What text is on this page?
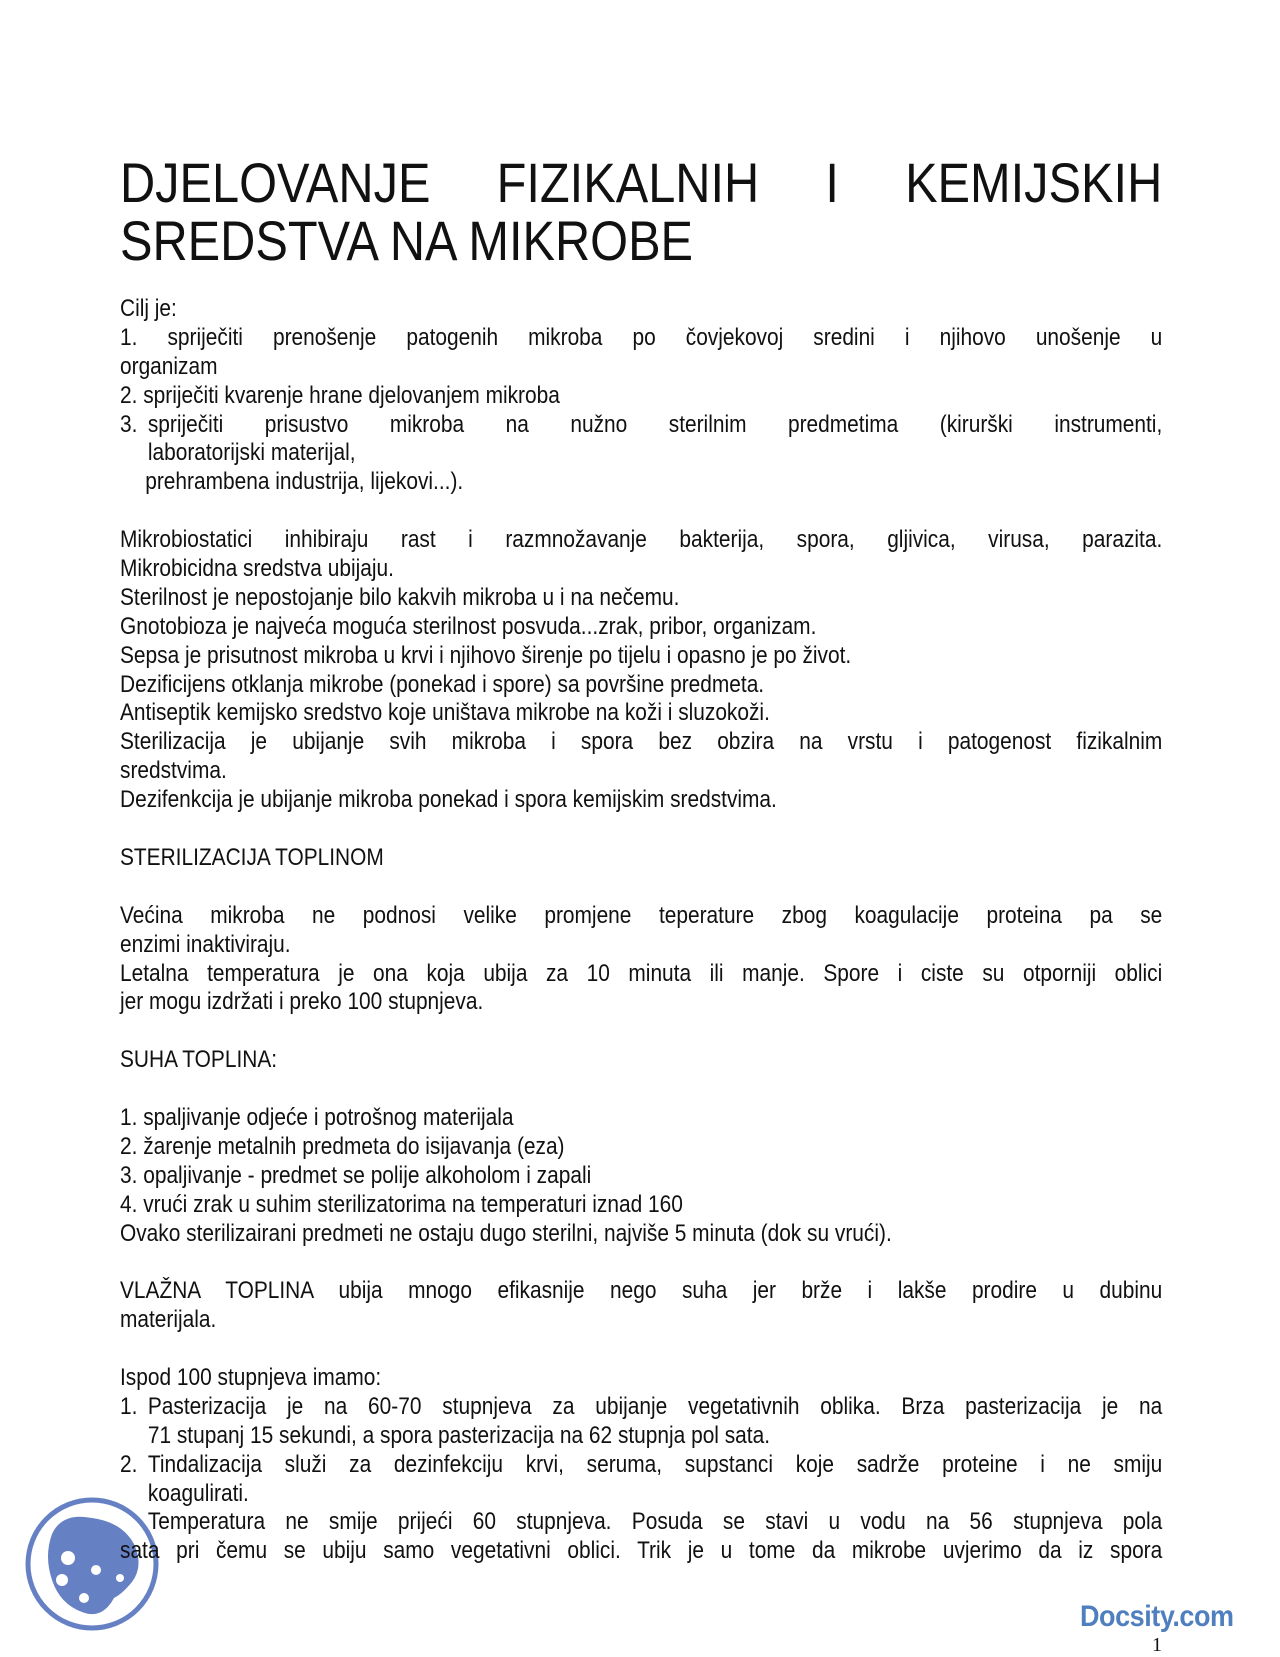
DJELOVANJE FIZIKALNIH I KEMIJSKIH
SREDSTVA NA MIKROBE
Cilj je:
1. spriječiti prenošenje patogenih mikroba po čovjekovoj sredini i njihovo unošenje u
organizam
2. spriječiti kvarenje hrane djelovanjem mikroba
3. spriječiti prisustvo mikroba na nužno sterilnim predmetima (kirurški instrumenti,
laboratorijski materijal,
prehrambena industrija, lijekovi...).
Mikrobiostatici inhibiraju rast i razmnožavanje bakterija, spora, gljivica, virusa, parazita.
Mikrobicidna sredstva ubijaju.
Sterilnost je nepostojanje bilo kakvih mikroba u i na nečemu.
Gnotobioza je najveća moguća sterilnost posvuda...zrak, pribor, organizam.
Sepsa je prisutnost mikroba u krvi i njihovo širenje po tijelu i opasno je po život.
Dezificijens otklanja mikrobe (ponekad i spore) sa površine predmeta.
Antiseptik kemijsko sredstvo koje uništava mikrobe na koži i sluzokoži.
Sterilizacija je ubijanje svih mikroba i spora bez obzira na vrstu i patogenost fizikalnim
sredstvima.
Dezifenkcija je ubijanje mikroba ponekad i spora kemijskim sredstvima.
STERILIZACIJA TOPLINOM
Većina mikroba ne podnosi velike promjene teperature zbog koagulacije proteina pa se
enzimi inaktiviraju.
Letalna temperatura je ona koja ubija za 10 minuta ili manje. Spore i ciste su otporniji oblici
jer mogu izdržati i preko 100 stupnjeva.
SUHA TOPLINA:
1. spaljivanje odjeće i potrošnog materijala
2. žarenje metalnih predmeta do isijavanja (eza)
3. opaljivanje - predmet se polije alkoholom i zapali
4. vrući zrak u suhim sterilizatorima na temperaturi iznad 160
Ovako sterilizairani predmeti ne ostaju dugo sterilni, najviše 5 minuta (dok su vrući).
VLAŽNA TOPLINA ubija mnogo efikasnije nego suha jer brže i lakše prodire u dubinu
materijala.
Ispod 100 stupnjeva imamo:
1. Pasterizacija je na 60-70 stupnjeva za ubijanje vegetativnih oblika. Brza pasterizacija je na
71 stupanj 15 sekundi, a spora pasterizacija na 62 stupnja pol sata.
2. Tindalizacija služi za dezinfekciju krvi, seruma, supstanci koje sadrže proteine i ne smiju
koagulirati.
Temperatura ne smije prijeći 60 stupnjeva. Posuda se stavi u vodu na 56 stupnjeva pola
sata pri čemu se ubiju samo vegetativni oblici. Trik je u tome da mikrobe uvjerimo da iz spora
Docsity.com
1
